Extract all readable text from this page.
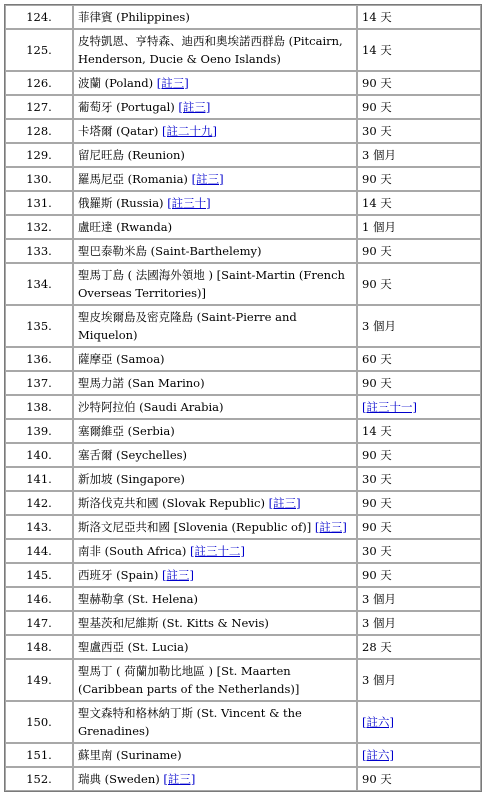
124.	菲律賓 (Philippines)	14 天
125.	皮特凱恩、亨特森、迪西和奧埃諾西群島 (Pitcairn, Henderson, Ducie & Oeno Islands)	14 天
126.	波蘭 (Poland) [註三]	90 天
127.	葡萄牙 (Portugal) [註三]	90 天
128.	卡塔爾 (Qatar) [註二十九]	30 天
129.	留尼旺島 (Reunion)	3 個月
130.	羅馬尼亞 (Romania) [註三]	90 天
131.	俄羅斯 (Russia) [註三十]	14 天
132.	盧旺達 (Rwanda)	1 個月
133.	聖巴泰勒米島 (Saint-Barthelemy)	90 天
134.	聖馬丁島 ( 法國海外領地 ) [Saint-Martin (French Overseas Territories)]	90 天
135.	聖皮埃爾島及密克隆島 (Saint-Pierre and Miquelon)	3 個月
136.	薩摩亞 (Samoa)	60 天
137.	聖馬力諾 (San Marino)	90 天
138.	沙特阿拉伯 (Saudi Arabia)	[註三十一]
139.	塞爾維亞 (Serbia)	14 天
140.	塞舌爾 (Seychelles)	90 天
141.	新加坡 (Singapore)	30 天
142.	斯洛伐克共和國 (Slovak Republic) [註三]	90 天
143.	斯洛文尼亞共和國 [Slovenia (Republic of)] [註三]	90 天
144.	南非 (South Africa) [註三十二]	30 天
145.	西班牙 (Spain) [註三]	90 天
146.	聖赫勒拿 (St. Helena)	3 個月
147.	聖基茨和尼維斯 (St. Kitts & Nevis)	3 個月
148.	聖盧西亞 (St. Lucia)	28 天
149.	聖馬丁 ( 荷蘭加勒比地區 ) [St. Maarten (Caribbean parts of the Netherlands)]	3 個月
150.	聖文森特和格林納丁斯 (St. Vincent & the Grenadines)	[註六]
151.	蘇里南 (Suriname)	[註六]
152.	瑞典 (Sweden) [註三]	90 天
